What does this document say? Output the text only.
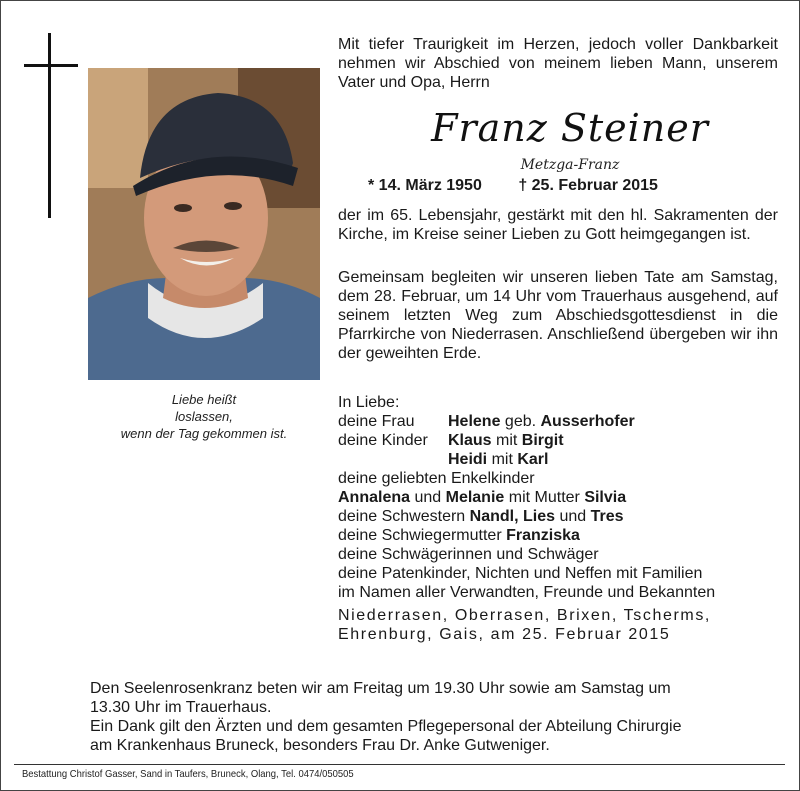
Liebe heißt
loslassen,
wenn der Tag gekommen ist.
Mit tiefer Traurigkeit im Herzen, jedoch voller Dankbarkeit nehmen wir Abschied von meinem lieben Mann, unserem Vater und Opa, Herrn
Franz Steiner
Metzga-Franz
* 14. März 1950 † 25. Februar 2015
der im 65. Lebensjahr, gestärkt mit den hl. Sakramenten der Kirche, im Kreise seiner Lieben zu Gott heimgegangen ist.
Gemeinsam begleiten wir unseren lieben Tate am Samstag, dem 28. Februar, um 14 Uhr vom Trauerhaus ausgehend, auf seinem letzten Weg zum Abschiedsgottesdienst in die Pfarrkirche von Niederrasen. Anschließend übergeben wir ihn der geweihten Erde.
In Liebe:
deine Frau Helene geb. Ausserhofer
deine Kinder Klaus mit Birgit
Heidi mit Karl
deine geliebten Enkelkinder
Annalena und Melanie mit Mutter Silvia
deine Schwestern Nandl, Lies und Tres
deine Schwiegermutter Franziska
deine Schwägerinnen und Schwäger
deine Patenkinder, Nichten und Neffen mit Familien
im Namen aller Verwandten, Freunde und Bekannten
Niederrasen, Oberrasen, Brixen, Tscherms,
Ehrenburg, Gais, am 25. Februar 2015
Den Seelenrosenkranz beten wir am Freitag um 19.30 Uhr sowie am Samstag um
13.30 Uhr im Trauerhaus.
Ein Dank gilt den Ärzten und dem gesamten Pflegepersonal der Abteilung Chirurgie
am Krankenhaus Bruneck, besonders Frau Dr. Anke Gutweniger.
Bestattung Christof Gasser, Sand in Taufers, Bruneck, Olang, Tel. 0474/050505
